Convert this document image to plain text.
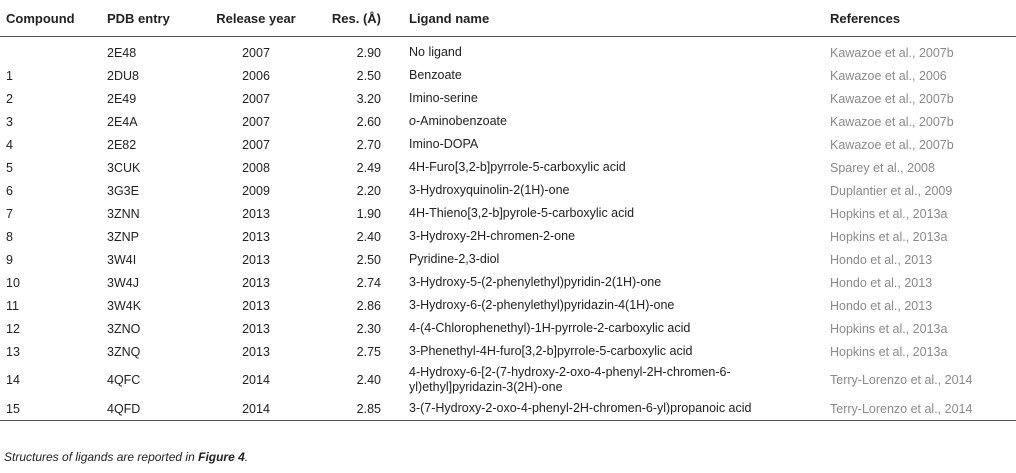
Compound	PDB entry	Release year	Res. (Å)		Ligand name	References
	2E48	2007	2.90		No ligand	Kawazoe et al., 2007b
1	2DU8	2006	2.50		Benzoate	Kawazoe et al., 2006
2	2E49	2007	3.20		Imino-serine	Kawazoe et al., 2007b
3	2E4A	2007	2.60		o-Aminobenzoate	Kawazoe et al., 2007b
4	2E82	2007	2.70		Imino-DOPA	Kawazoe et al., 2007b
5	3CUK	2008	2.49		4H-Furo[3,2-b]pyrrole-5-carboxylic acid	Sparey et al., 2008
6	3G3E	2009	2.20		3-Hydroxyquinolin-2(1H)-one	Duplantier et al., 2009
7	3ZNN	2013	1.90		4H-Thieno[3,2-b]pyrole-5-carboxylic acid	Hopkins et al., 2013a
8	3ZNP	2013	2.40		3-Hydroxy-2H-chromen-2-one	Hopkins et al., 2013a
9	3W4I	2013	2.50		Pyridine-2,3-diol	Hondo et al., 2013
10	3W4J	2013	2.74		3-Hydroxy-5-(2-phenylethyl)pyridin-2(1H)-one	Hondo et al., 2013
11	3W4K	2013	2.86		3-Hydroxy-6-(2-phenylethyl)pyridazin-4(1H)-one	Hondo et al., 2013
12	3ZNO	2013	2.30		4-(4-Chlorophenethyl)-1H-pyrrole-2-carboxylic acid	Hopkins et al., 2013a
13	3ZNQ	2013	2.75		3-Phenethyl-4H-furo[3,2-b]pyrrole-5-carboxylic acid	Hopkins et al., 2013a
14	4QFC	2014	2.40		4-Hydroxy-6-[2-(7-hydroxy-2-oxo-4-phenyl-2H-chromen-6-yl)ethyl]pyridazin-3(2H)-one	Terry-Lorenzo et al., 2014
15	4QFD	2014	2.85		3-(7-Hydroxy-2-oxo-4-phenyl-2H-chromen-6-yl)propanoic acid	Terry-Lorenzo et al., 2014
Structures of ligands are reported in Figure 4.
